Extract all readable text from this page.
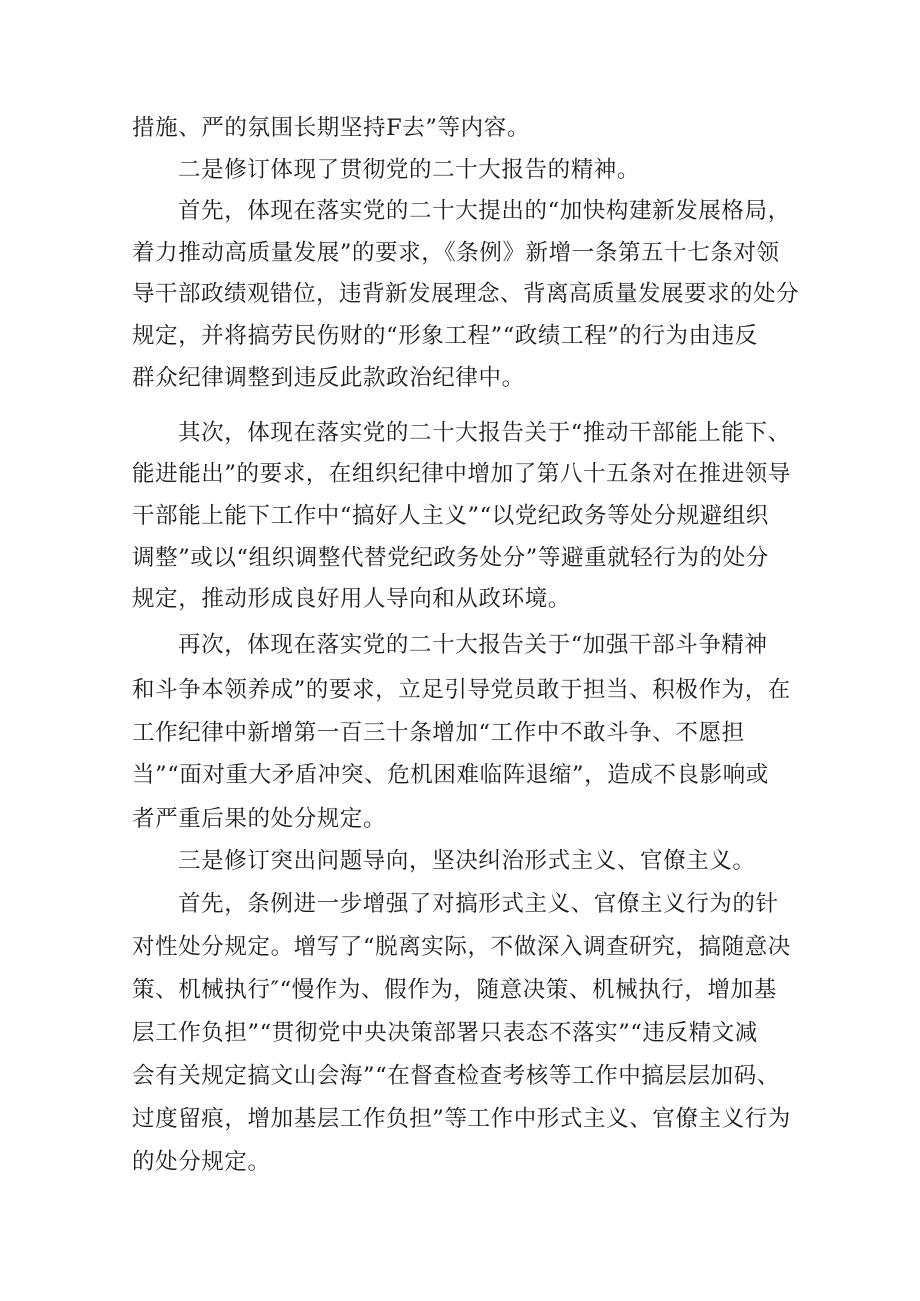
措施、严的氛围长期坚持F去”等内容。
二是修订体现了贯彻党的二十大报告的精神。
首先，体现在落实党的二十大提出的“加快构建新发展格局，
着力推动高质量发展”的要求，《条例》新增一条第五十七条对领
导干部政绩观错位，违背新发展理念、背离高质量发展要求的处分
规定，并将搞劳民伤财的“形象工程”“政绩工程”的行为由违反
群众纪律调整到违反此款政治纪律中。
其次，体现在落实党的二十大报告关于“推动干部能上能下、
能进能出”的要求，在组织纪律中增加了第八十五条对在推进领导
干部能上能下工作中“搞好人主义”“以党纪政务等处分规避组织
调整”或以“组织调整代替党纪政务处分”等避重就轻行为的处分
规定，推动形成良好用人导向和从政环境。
再次，体现在落实党的二十大报告关于“加强干部斗争精神
和斗争本领养成”的要求，立足引导党员敢于担当、积极作为，在
工作纪律中新增第一百三十条增加“工作中不敢斗争、不愿担
当”“面对重大矛盾冲突、危机困难临阵退缩”，造成不良影响或
者严重后果的处分规定。
三是修订突出问题导向，坚决纠治形式主义、官僚主义。
首先，条例进一步增强了对搞形式主义、官僚主义行为的针
对性处分规定。增写了“脱离实际，不做深入调查研究，搞随意决
策、机械执行″“慢作为、假作为，随意决策、机械执行，增加基
层工作负担”“贯彻党中央决策部署只表态不落实”“违反精文减
会有关规定搞文山会海”“在督查检查考核等工作中搞层层加码、
过度留痕，增加基层工作负担”等工作中形式主义、官僚主义行为
的处分规定。
